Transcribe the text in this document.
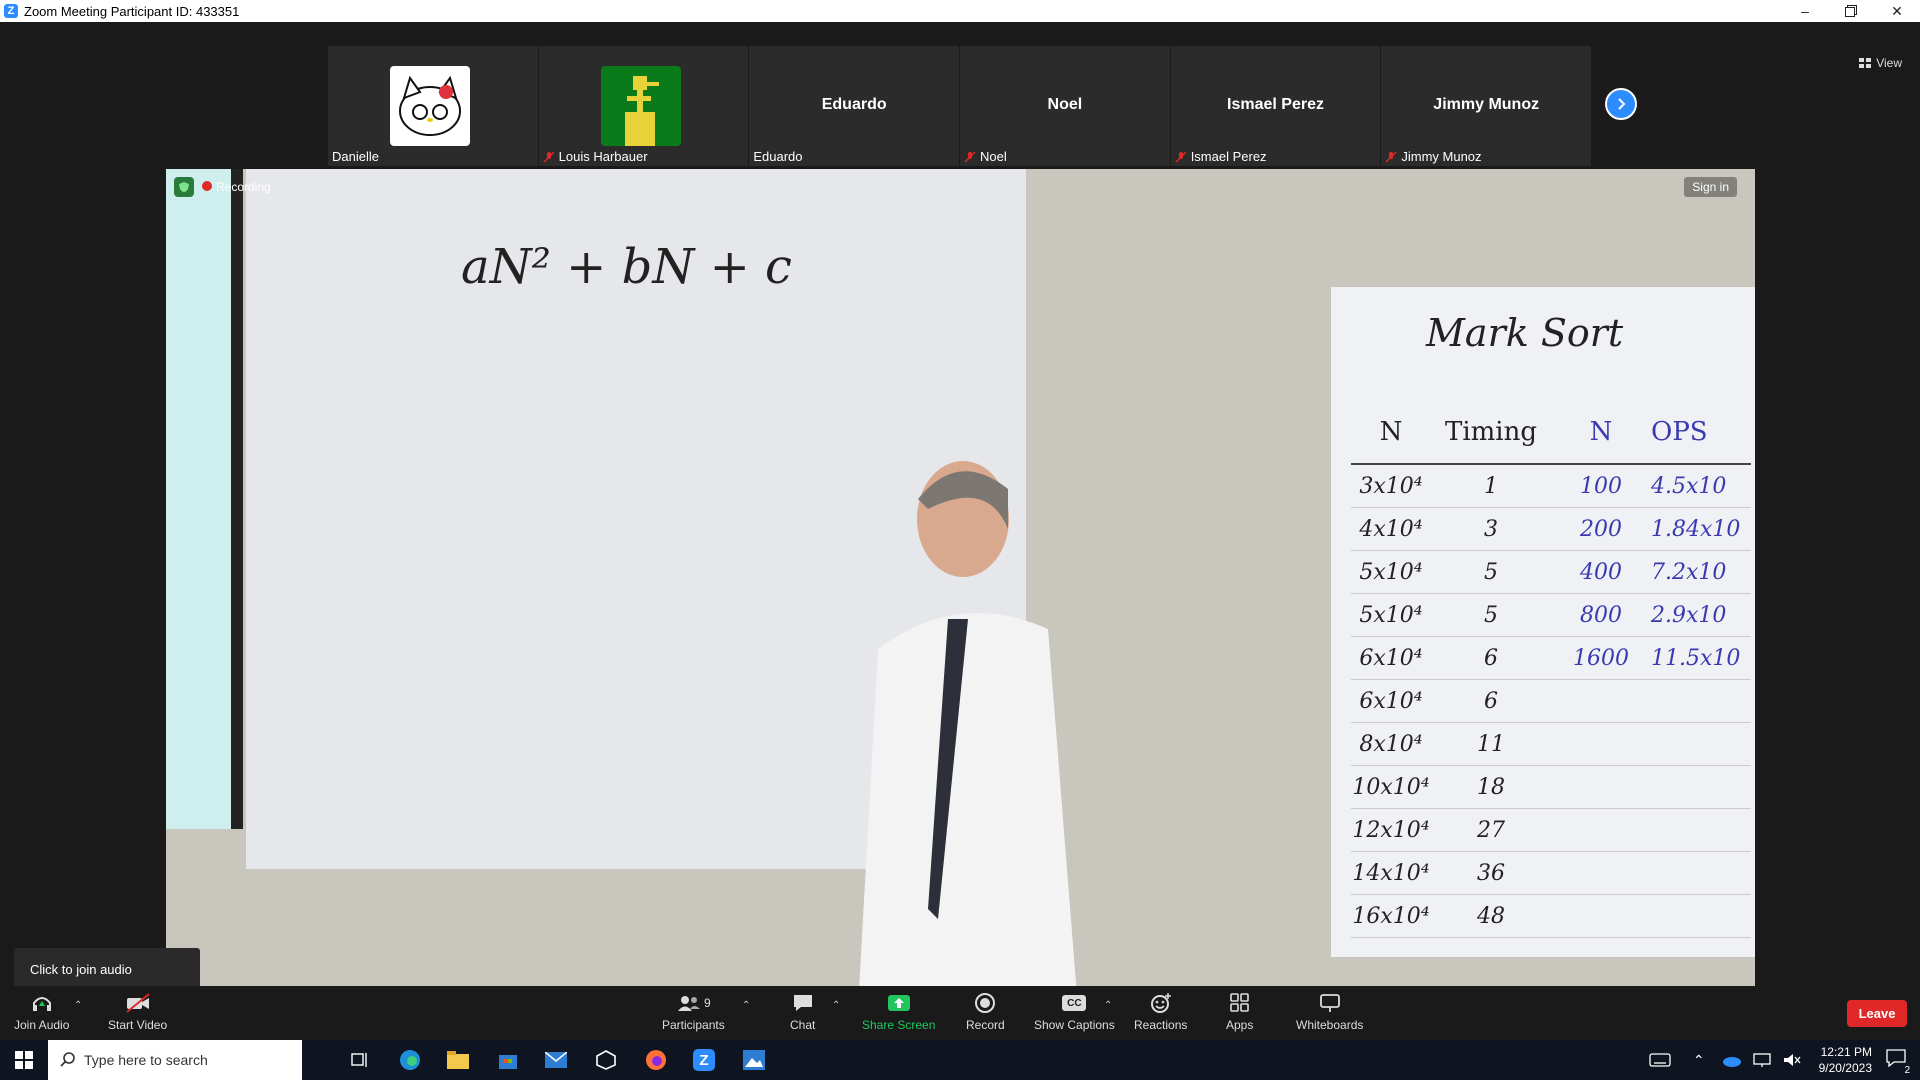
Z Zoom Meeting Participant ID: 433351	–	✕
Danielle	Louis Harbauer
Eduardo
Eduardo
Noel
Noel
Ismael Perez
Ismael Perez
Jimmy Munoz
Jimmy Munoz
View
aN² + bN + c
Mark Sort
N	Timing	N	OPS
3x10⁴	1	100	4.5x10
4x10⁴	3	200	1.84x10
5x10⁴	5	400	7.2x10
5x10⁴	5	800	2.9x10
6x10⁴	6	1600	11.5x10
6x10⁴	6
8x10⁴	11
10x10⁴	18
12x10⁴	27
14x10⁴	36
16x10⁴	48
Recording	Sign in
Click to join audio
Join Audio
⌃
Start Video
9
Participants
⌃
Chat
⌃
Share Screen	Record
CC
Show Captions
⌃
Reactions	Apps	Whiteboards
Leave
Type here to search	Z	⌃	12:21 PM
9/20/2023	2
